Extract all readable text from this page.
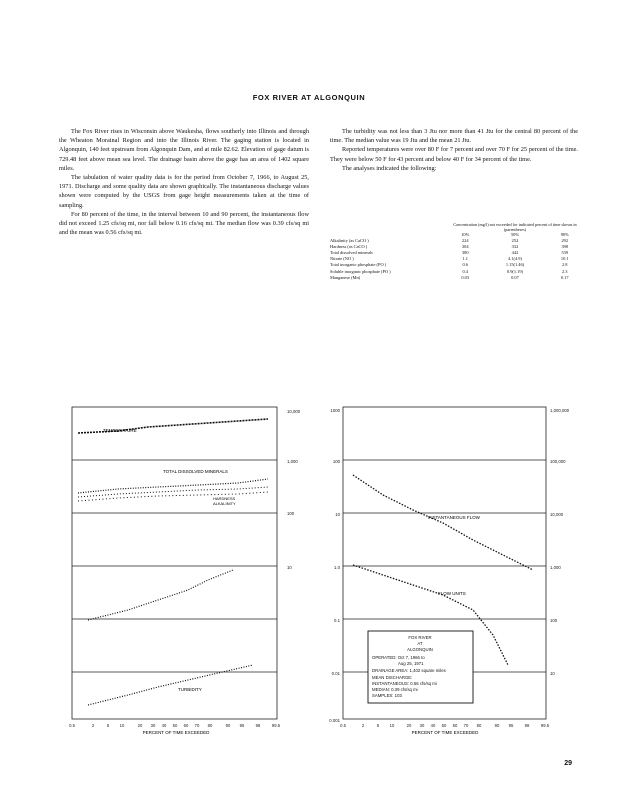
FOX RIVER AT ALGONQUIN

The Fox River rises in Wisconsin above Waukesha, flows southerly into Illinois and through the Wheaton Morainal Region and into the Illinois River. The gaging station is located in Algonquin, 140 feet upstream from Algonquin Dam, and at mile 82.62. Elevation of gage datum is 729.48 feet above mean sea level. The drainage basin above the gage has an area of 1402 square miles.

The tabulation of water quality data is for the period from October 7, 1966, to August 25, 1971. Discharge and some quality data are shown graphically. The instantaneous discharge values shown were computed by the USGS from gage height measurements taken at the time of sampling.

For 80 percent of the time, in the interval between 10 and 90 percent, the instantaneous flow did not exceed 1.25 cfs/sq mi, nor fall below 0.16 cfs/sq mi. The median flow was 0.39 cfs/sq mi and the mean was 0.56 cfs/sq mi.

The turbidity was not less than 3 Jtu nor more than 41 Jtu for the central 80 percent of the time. The median value was 19 Jtu and the mean 21 Jtu.

Reported temperatures were over 80 F for 7 percent and over 70 F for 25 percent of the time. They were below 50 F for 43 percent and below 40 F for 34 percent of the time.

The analyses indicated the following:

	Concentration (mg/l) not exceeded for indicated percent of time shown in (parentheses)		
	10%	50%	90%
Alkalinity (as CaCO )	224	252	292
Hardness (as CaCO )	304	332	398
Total dissolved minerals	380	442	539
Nitrate (NO )	1.1	4.1(4.9)	10.1
Total inorganic phosphate (PO )	0.6	1.15(1.46)	2.8
Soluble inorganic phosphate (PO )	0.4	0.9(1.19)	2.3
Manganese (Mn)	0.03	0.07	0.17
TEMPERATURE
TOTAL DISSOLVED MINERALS
HARDNESS
ALKALINITY
TURBIDITY
10,000
1,000
100
10
0.5	2	5 10	20 30 40 50 60 70 80	90 95	98	99.5
PERCENT OF TIME EXCEEDED
INSTANTANEOUS FLOW
FLOW UNITS
FOX RIVER
AT
ALGONQUIN
OPERATED: Oct 7, 1966 to
Aug 25, 1971
DRAINAGE AREA: 1,402 square miles
MEAN DISCHARGE:
INSTANTANEOUS: 0.56 cfs/sq mi
MEDIAN: 0.39 cfs/sq mi
SAMPLES: 103
1000
100
10
1.0
0.1
0.01
0.001
1,000,000
100,000
10,000
1,000
100
10
0.5	2	5 10	20 30 40 50 60 70 80	90 95	98	99.5
PERCENT OF TIME EXCEEDED
29
